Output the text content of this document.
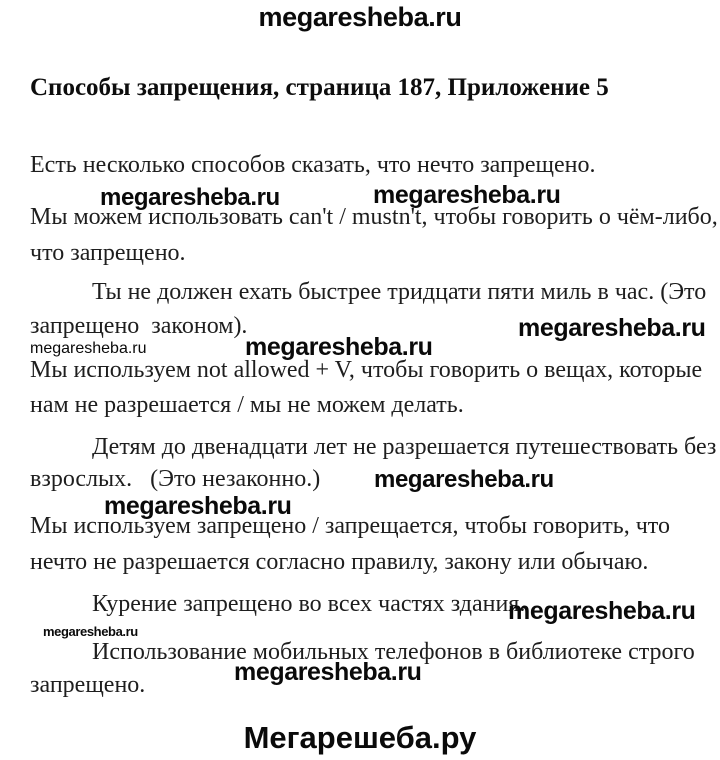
megaresheba.ru
Способы запрещения, страница 187, Приложение 5
Есть несколько способов сказать, что нечто запрещено.
megaresheba.ru	megaresheba.ru
Мы можем использовать can't / mustn't, чтобы говорить о чём-либо,
что запрещено.
Ты не должен ехать быстрее тридцати пяти миль в час. (Это
запрещено  законом).	megaresheba.ru
megaresheba.ru	megaresheba.ru
Мы используем not allowed + V, чтобы говорить о вещах, которые
нам не разрешается / мы не можем делать.
Детям до двенадцати лет не разрешается путешествовать без
взрослых.   (Это незаконно.) megaresheba.ru
megaresheba.ru
Мы используем запрещено / запрещается, чтобы говорить, что
нечто не разрешается согласно правилу, закону или обычаю.
Курение запрещено во всех частях здания.
megaresheba.ru
megaresheba.ru
Использование мобильных телефонов в библиотеке строго
megaresheba.ru
запрещено.
Мегарешеба.ру
